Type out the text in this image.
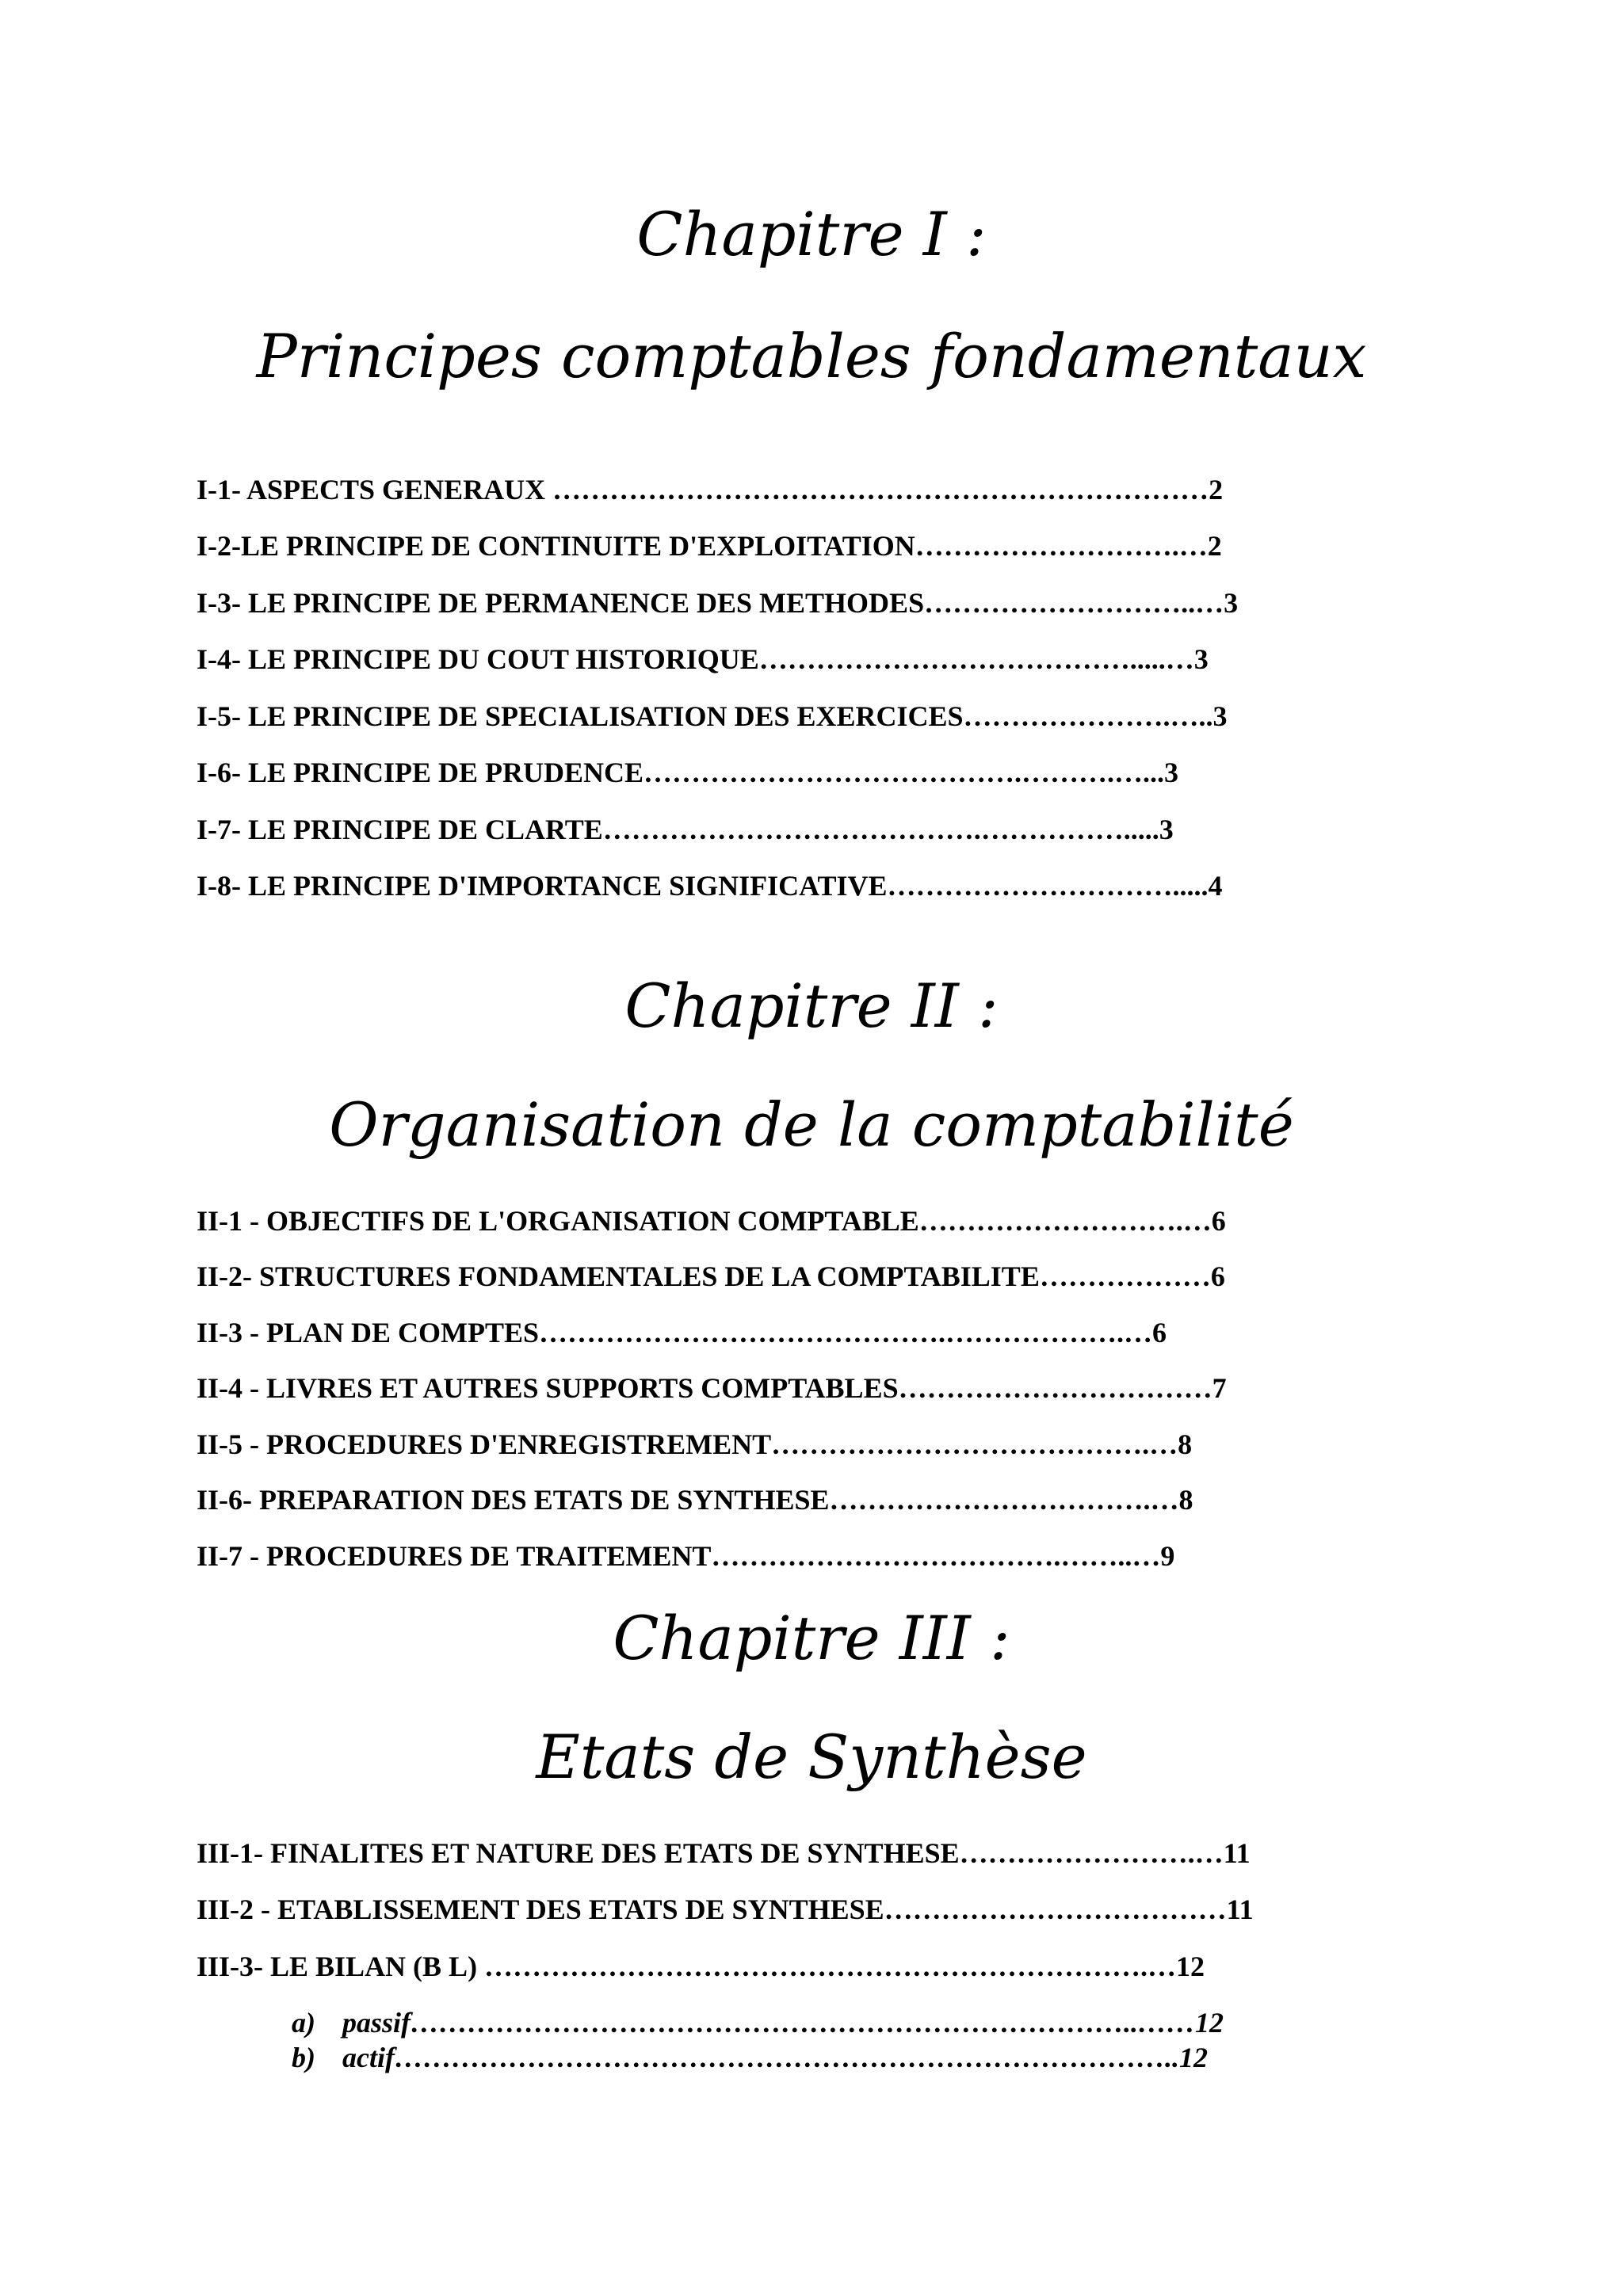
Chapitre I :
Principes comptables fondamentaux
I-1- ASPECTS GENERAUX ……………………………………………………………2
I-2-LE PRINCIPE DE CONTINUITE D'EXPLOITATION……………………….…2
I-3- LE PRINCIPE DE PERMANENCE DES METHODES………………………..…3
I-4- LE PRINCIPE DU COUT HISTORIQUE………………………………….....…3
I-5- LE PRINCIPE DE SPECIALISATION DES EXERCICES………………….…..3
I-6- LE PRINCIPE DE PRUDENCE………………………………….……….…...3
I-7- LE PRINCIPE DE CLARTE………………………………….…………….....3
I-8- LE PRINCIPE D'IMPORTANCE SIGNIFICATIVE………………………….....4
Chapitre II :
Organisation de la comptabilité
II-1 - OBJECTIFS DE L'ORGANISATION COMPTABLE……………………….…6
II-2- STRUCTURES FONDAMENTALES DE LA COMPTABILITE………………6
II-3 - PLAN DE COMPTES…………………………………….……………….…6
II-4 - LIVRES ET AUTRES SUPPORTS COMPTABLES……………………………7
II-5 - PROCEDURES D'ENREGISTREMENT………………………………….…8
II-6- PREPARATION DES ETATS DE SYNTHESE…………………………….…8
II-7 - PROCEDURES DE TRAITEMENT……………………………….……..…9
Chapitre III :
Etats de Synthèse
III-1- FINALITES ET NATURE DES ETATS DE SYNTHESE…………………….…11
III-2 - ETABLISSEMENT DES ETATS DE SYNTHESE………………………………11
III-3- LE BILAN (B L) …………………………………………………………….…12
a) passif…………………………………………………………………..……12
b) actif………………………………………………………………………..12
